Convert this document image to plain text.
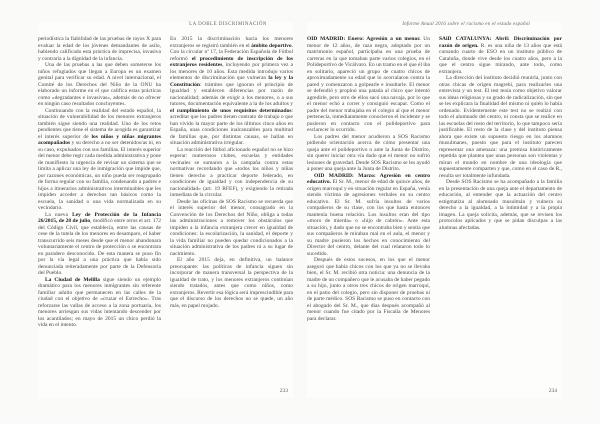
LA DOBLE DISCRIMINACIÓN

periodística la fiabilidad de las pruebas de rayos X para evaluar la edad de los jóvenes demandantes de asilo, habiendo calificado esta práctica de imprecisa, invasiva y contraria a la dignidad de la infancia.

Una de las pruebas a las que deben someterse los niños refugiados que llegan a Europa es un examen genital para verificar su edad. A nivel internacional, el Comité de los Derechos del Niño de la ONU ha elaborado un informe en el que califica estas prácticas como «degradantes e invasivas», además de no ofrecer en ningún caso resultados concluyentes.

Continuando con la realidad del estado español, la situación de vulnerabilidad de los menores extranjeros también sigue siendo una realidad. Uno de los retos pendientes que tiene el sistema de acogida es garantizar el interés superior de los niños y niñas migrantes acompañados y su derecho a no ser detenidos/as ni, en su caso, expulsados con sus familias. El interés superior del menor debe regir cada medida administrativa y pone de manifiesto la urgencia de revisar un sistema que se limita a aplicar una ley de inmigración que impide que, por razones económicas, un niño pueda ser reagrupado de forma regular con su familia, condenando a padres e hijos a itinerarios administrativos interminables que les impiden acceder a derechos tan básicos como la escuela, la sanidad o una vida normalizada en su vecindario.

La nueva Ley de Protección de la Infancia 26/2015, de 28 de julio, modificó entre otros el art. 172 del Código Civil, que establecía, entre las causas de cese de la tutela de los menores en desamparo, el haber transcurrido seis meses desde que el menor abandonara voluntariamente el centro de protección o se encontrara en paradero desconocido. De esta manera se puso fin por la vía legal a una práctica que había sido denunciada reiteradamente por parte de la Defensoría del Pueblo.

La Ciudad de Melilla sigue siendo un ejemplo dramático para los menores inmigrantes sin referente familiar adulto que permanecen en las calles de la ciudad con el objetivo de «cruzar el Estrecho». Tras reforzarse las vallas de acceso a la zona portuaria, los menores arriesgan sus vidas intentando descender por los acantilados; en mayo de 2015 un chico perdió la vida en el intento.

En 2015 la discriminación hacia los menores extranjeros se registró también en el ámbito deportivo. Con la circular nº 17, la Federación Española de Fútbol reformó el procedimiento de inscripción de los extranjeros residentes, incluyendo por primera vez a los menores de 10 años. Esta medida introdujo varios elementos de discriminación que vulneran la ley y la Constitución: trámites que ignoran el principio de igualdad y establecen diferencias por razón de nacionalidad; además de exigir a los menores, o a sus tutores, documentación equivalente a la de los adultos y el cumplimiento de unos requisitos determinados: acreditar que los padres tienen contrato de trabajo o que han vivido la mayor parte de los últimos cinco años en España, unas condiciones inalcanzables para multitud de familias que, por distintas causas, se hallan en situación administrativa irregular.

La reacción del fútbol aficionado español no se hizo esperar: numerosos clubes, escuelas y entidades vecinales se sumaron a la campaña contra estas normativas recordando que «todos los niños y niñas tienen derecho a practicar deporte federado, en condiciones de igualdad y con independencia de su nacionalidad» (art. 19 RFEF), y exigiendo la retirada inmediata de la circular.

Desde las oficinas de SOS Racismo se recuerda que el interés superior del menor, consagrado en la Convención de los Derechos del Niño, obliga a todas las administraciones a remover los obstáculos que impiden a la infancia extranjera crecer en igualdad de condiciones: la escolarización, la sanidad, el deporte y la vida familiar no pueden quedar condicionados a la situación administrativa de los padres ni a su lugar de nacimiento.

El año 2015 deja, en definitiva, un balance preocupante: las políticas de infancia siguen sin incorporar de manera transversal la perspectiva de la igualdad de trato, y los menores extranjeros continúan siendo tratados, antes que como niños, como extranjeros. Revertir esa lógica será imprescindible para que el discurso de los derechos no se quede, un año más, en papel mojado.

233
Informe Anual 2016 sobre el racismo en el estado español

OID MADRID: Enero: Agresión a un menor. Un menor de 12 años, de raza negra, adoptado por un matrimonio español, participaba en una prueba de carreras en la que tomaban parte varios colegios, en el Polideportivo de Vicálvaro. En un tramo en el que él iba en solitario, apareció un grupo de cuatro chicos de aproximadamente su edad que lo acorralaron contra la pared y comenzaron a golpearle e insultarle. El menor se defendió y propinó una patada al chico que intentó agredirle, pero otro de ellos sacó una navaja, por lo que el menor echó a correr y consiguió escapar. Como el padre del menor trabajaba en el colegio al que el menor pertenecía, inmediatamente conocieron el incidente y se pusieron en contacto con el polideportivo para esclarecer lo ocurrido.

Los padres del menor acudieron a SOS Racismo pidiendo orientación acerca de cómo presentar una queja ante el polideportivo o ante la Junta de Distrito, sin querer iniciar otra vía dado que el menor no sufrió lesiones de gravedad. Desde SOS Racismo se les ayudó a poner una queja ante la Junta de Distrito.

OID MADRID: Marzo: Agresión en centro educativo. El Sr. M., menor de edad de quince años, de origen marroquí y en situación regular en España, venía siendo víctima de agresiones verbales en su centro educativo. El Sr. M. sufría insultos de varios compañeros de su clase, con los que hasta entonces mantenía buena relación. Los insultos eran del tipo «moro de mierda» o «hijo de cabrón». Ante esta situación, y dado que no se encontraba bien y sentía que sus compañeros le miraban mal en el aula, el menor y su madre pusieron los hechos en conocimiento del Director del centro, delante del cual relataron todo lo sucedido.

Después de estos sucesos, en los que el menor aseguró que había chicos con los que ya no se llevaba bien, el Sr. M. recibió otra noticia: una denuncia de la madre de un compañero que le acusaba de haber pegado a su hijo, junto a otros tres chicos de origen marroquí, en el patio del colegio, pero sin disponer de pruebas ni de parte médico. SOS Racismo se puso en contacto con el abogado del Sr. M., que días después acompañó al menor cuando fue citado por la Fiscalía de Menores para declarar.

SAiD CATALUNYA: Abril: Discriminación por razón de origen. R. es una niña de 13 años que está cursando cuarto de ESO en un instituto público de Cataluña, donde vive desde los cuatro años, pero a la que el centro sigue mirando, ante todo, como extranjera.

La dirección del instituto decidió reunirla, junto con otras chicas de origen magrebí, para realizarles una entrevista y un test. El test tenía como objetivo valorar sus ideas religiosas y su grado de radicalización, sin que se les explicara la finalidad del mismo ni quién lo había ordenado. Evidentemente este test no se realizó con todo el alumnado del centro, ni consta que se realice en las escuelas del resto del territorio, lo que tampoco sería justificable. El resto de la clase y del instituto piensa ahora que existe un supuesto riesgo en los alumnos musulmanes, puesto que para el instituto parecen representar una amenaza: una premisa históricamente repetida que plantea que unas personas son violentas y miran el mundo en nombre de una ideología que supuestamente comparten y que, como en el caso de R., resulta ser totalmente infundada.

Desde SOS Racismo se ha acompañado a la familia en la presentación de una queja ante el departamento de educación, al entender que la actuación del centro estigmatiza al alumnado musulmán y vulnera su derecho a la igualdad, a la intimidad y a la propia imagen. La queja solicita, además, que se revisen los protocolos aplicados y que se pidan disculpas a las alumnas afectadas.

234
